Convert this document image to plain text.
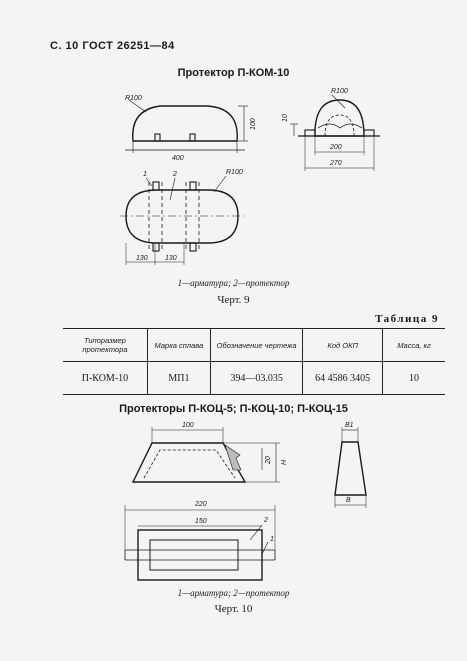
С. 10 ГОСТ 26251—84
Протектор П-КОМ-10
R100
100
400
10
R100
200
270
1	2	R100
130 130
100
20 H
B1
B
220
150
1
2
1—арматура; 2—протектор
Черт. 9
Таблица 9
Типоразмер протектора	Марка сплава	Обозначение чертежа	Код ОКП	Масса, кг
П-КОМ-10	МП1	394—03.035	64 4586 3405	10
Протекторы П-КОЦ-5; П-КОЦ-10; П-КОЦ-15
1—арматура; 2—протектор
Черт. 10
